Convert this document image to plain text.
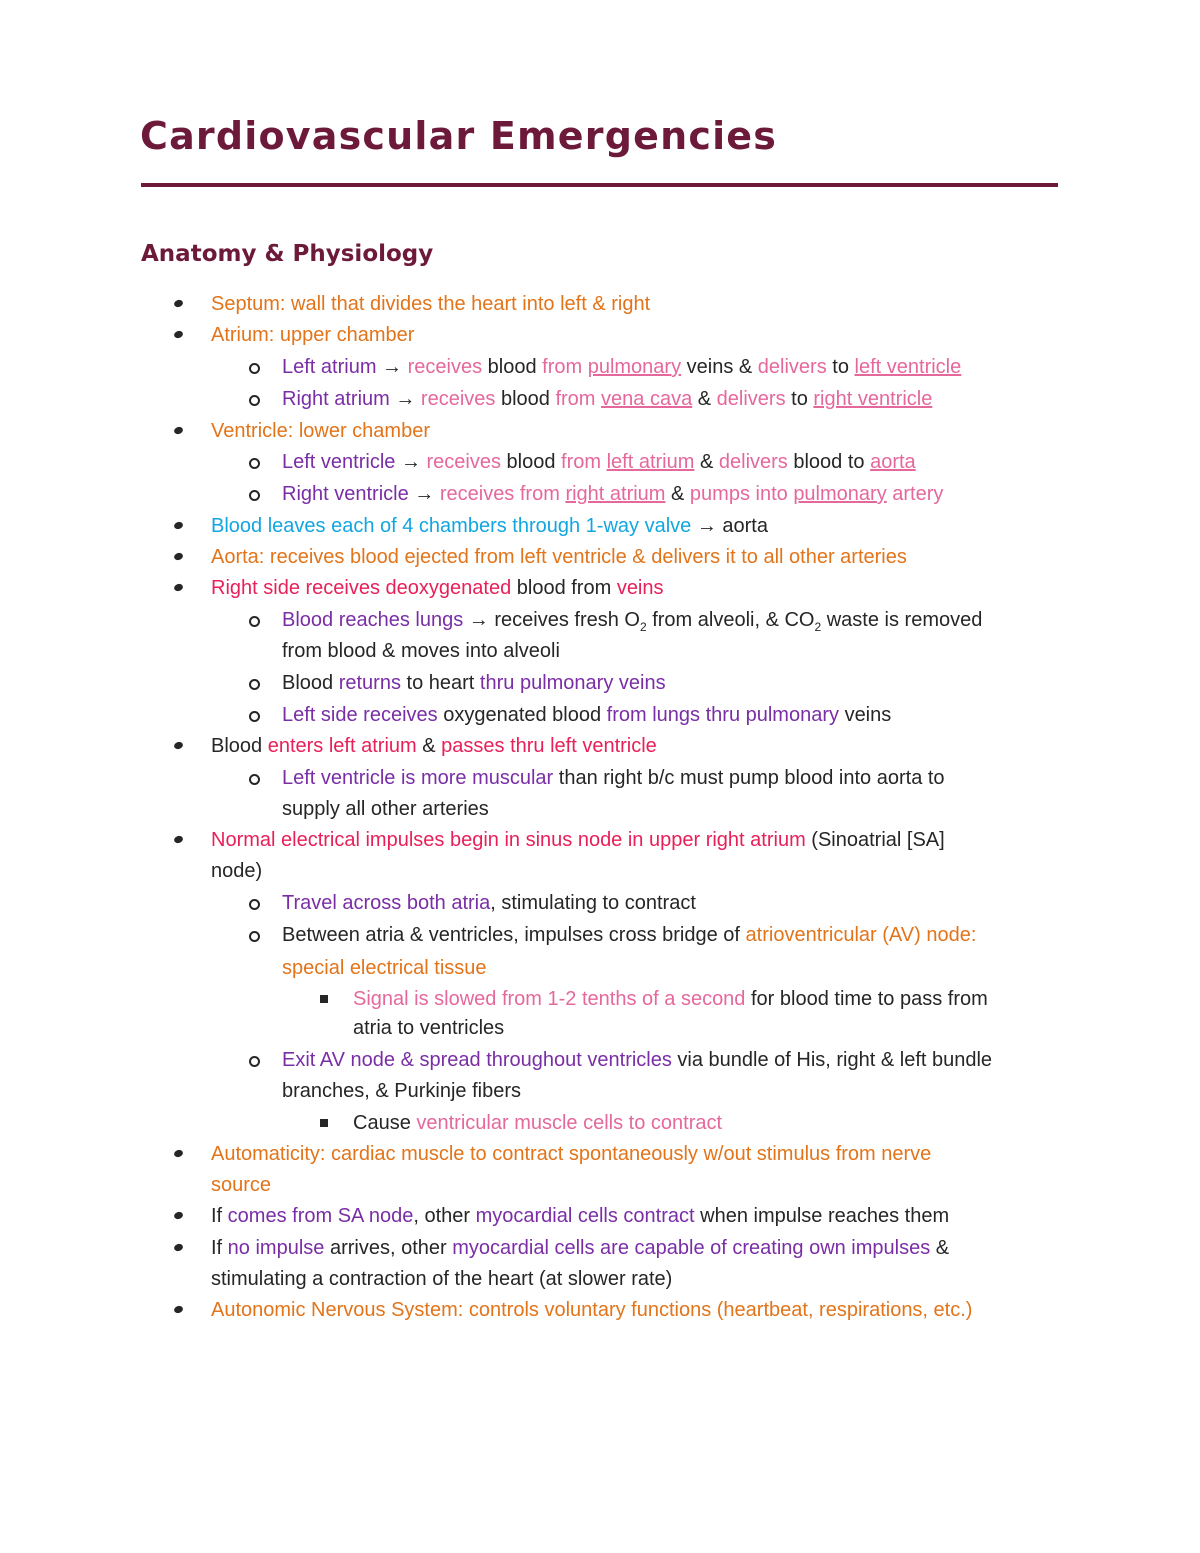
Cardiovascular Emergencies
Anatomy & Physiology
Septum: wall that divides the heart into left & right
Atrium: upper chamber
Left atrium → receives blood from pulmonary veins & delivers to left ventricle
Right atrium → receives blood from vena cava & delivers to right ventricle
Ventricle: lower chamber
Left ventricle → receives blood from left atrium & delivers blood to aorta
Right ventricle → receives from right atrium & pumps into pulmonary artery
Blood leaves each of 4 chambers through 1-way valve → aorta
Aorta: receives blood ejected from left ventricle & delivers it to all other arteries
Right side receives deoxygenated blood from veins
Blood reaches lungs → receives fresh $O_2$ from alveoli, & $CO_2$ waste is removed
from blood & moves into alveoli
Blood returns to heart thru pulmonary veins
Left side receives oxygenated blood from lungs thru pulmonary veins
Blood enters left atrium & passes thru left ventricle
Left ventricle is more muscular than right b/c must pump blood into aorta to
supply all other arteries
Normal electrical impulses begin in sinus node in upper right atrium (Sinoatrial [SA]
node)
Travel across both atria, stimulating to contract
Between atria & ventricles, impulses cross bridge of atrioventricular (AV) node:
special electrical tissue
Signal is slowed from 1-2 tenths of a second for blood time to pass from
atria to ventricles
Exit AV node & spread throughout ventricles via bundle of His, right & left bundle
branches, & Purkinje fibers
Cause ventricular muscle cells to contract
Automaticity: cardiac muscle to contract spontaneously w/out stimulus from nerve
source
If comes from SA node, other myocardial cells contract when impulse reaches them
If no impulse arrives, other myocardial cells are capable of creating own impulses &
stimulating a contraction of the heart (at slower rate)
Autonomic Nervous System: controls voluntary functions (heartbeat, respirations, etc.)
